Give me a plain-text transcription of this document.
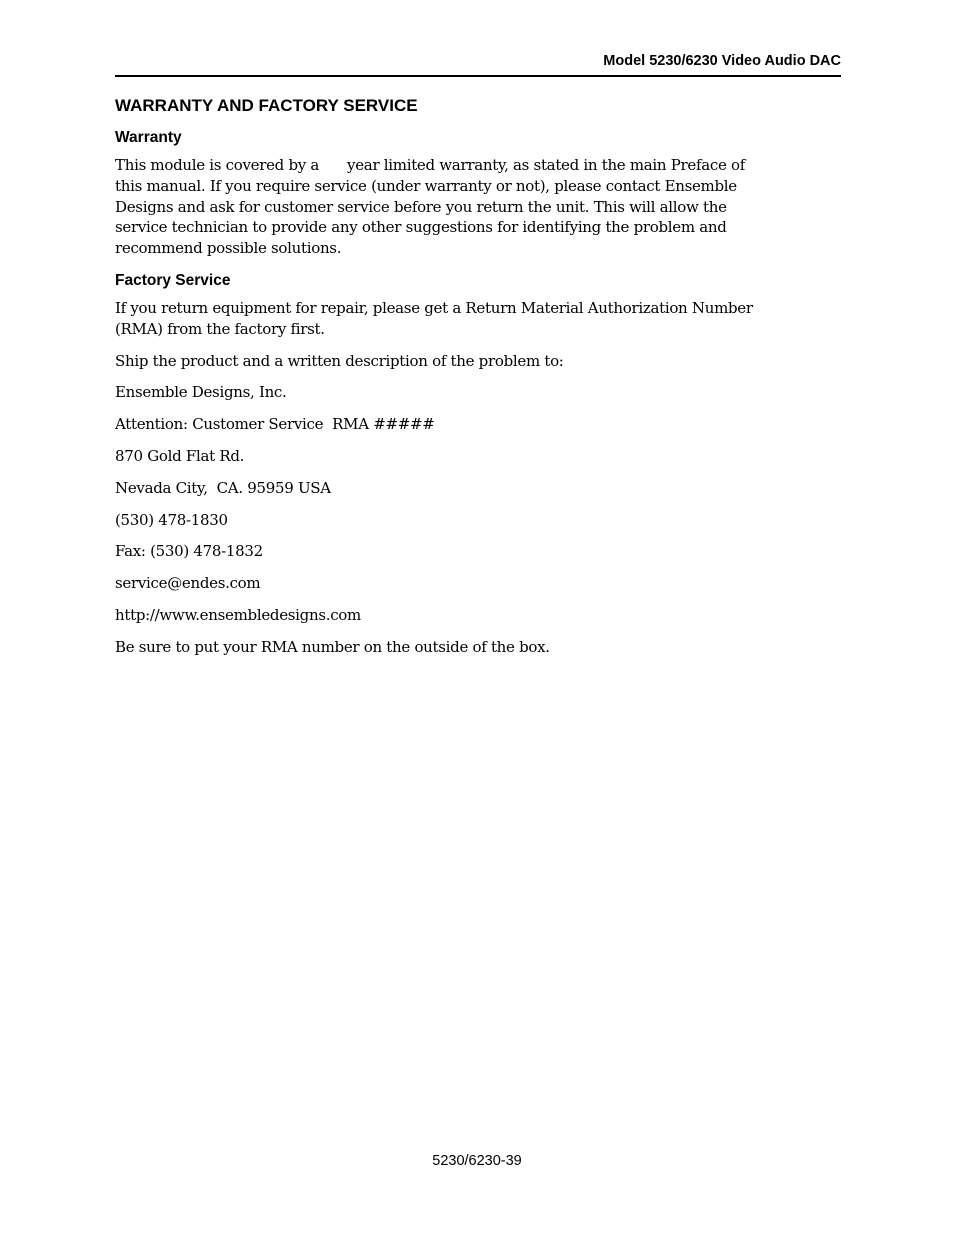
Model 5230/6230 Video Audio DAC
WARRANTY AND FACTORY SERVICE
Warranty
This module is covered by a year limited warranty, as stated in the main Preface of
this manual. If you require service (under warranty or not), please contact Ensemble
Designs and ask for customer service before you return the unit. This will allow the
service technician to provide any other suggestions for identifying the problem and
recommend possible solutions.
Factory Service
If you return equipment for repair, please get a Return Material Authorization Number
(RMA) from the factory first.
Ship the product and a written description of the problem to:
Ensemble Designs, Inc.
Attention: Customer Service  RMA #####
870 Gold Flat Rd.
Nevada City,  CA. 95959 USA
(530) 478-1830
Fax: (530) 478-1832
service@endes.com
http://www.ensembledesigns.com
Be sure to put your RMA number on the outside of the box.
5230/6230-39
